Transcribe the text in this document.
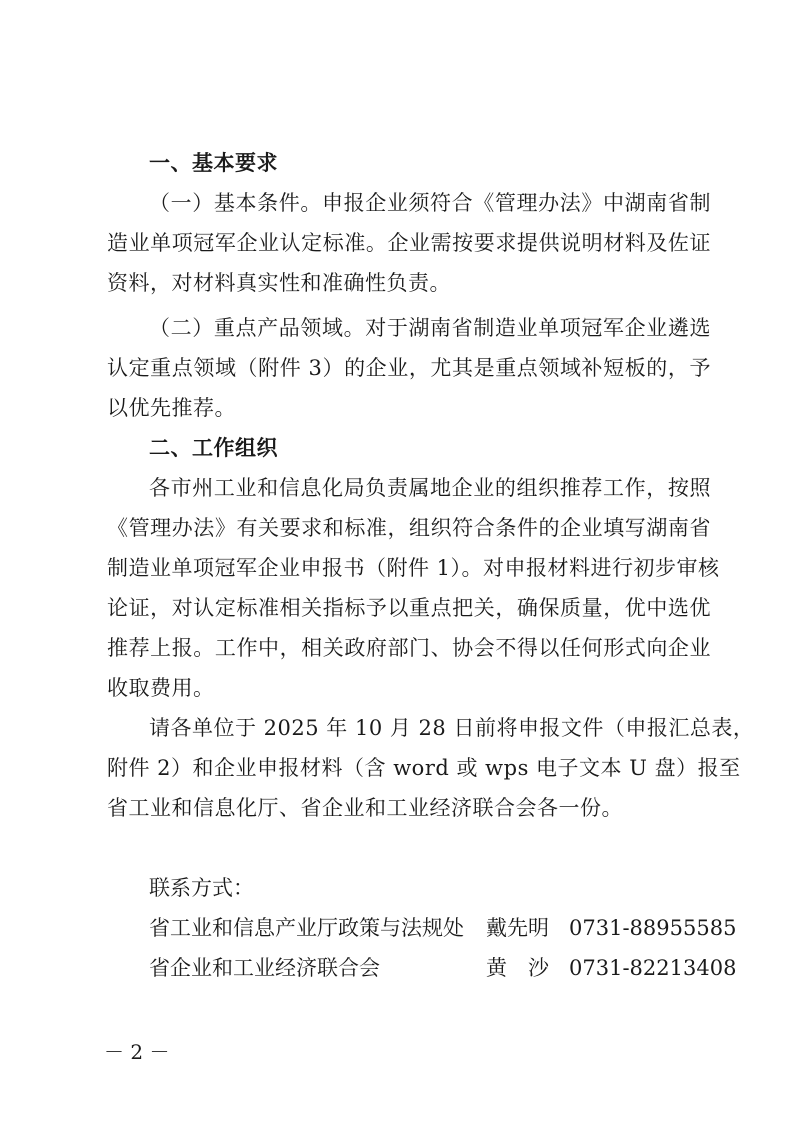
一、基本要求
（一）基本条件。申报企业须符合《管理办法》中湖南省制
造业单项冠军企业认定标准。企业需按要求提供说明材料及佐证
资料，对材料真实性和准确性负责。
（二）重点产品领域。对于湖南省制造业单项冠军企业遴选
认定重点领域（附件 3）的企业，尤其是重点领域补短板的，予
以优先推荐。
二、工作组织
各市州工业和信息化局负责属地企业的组织推荐工作，按照
《管理办法》有关要求和标准，组织符合条件的企业填写湖南省
制造业单项冠军企业申报书（附件 1）。对申报材料进行初步审核
论证，对认定标准相关指标予以重点把关，确保质量，优中选优
推荐上报。工作中，相关政府部门、协会不得以任何形式向企业
收取费用。
请各单位于 2025 年 10 月 28 日前将申报文件（申报汇总表，
附件 2）和企业申报材料（含 word 或 wps 电子文本 U 盘）报至
省工业和信息化厅、省企业和工业经济联合会各一份。
联系方式：
省工业和信息产业厅政策与法规处 戴先明 0731-88955585
省企业和工业经济联合会	黄　沙 0731-82213408
－ 2 －
